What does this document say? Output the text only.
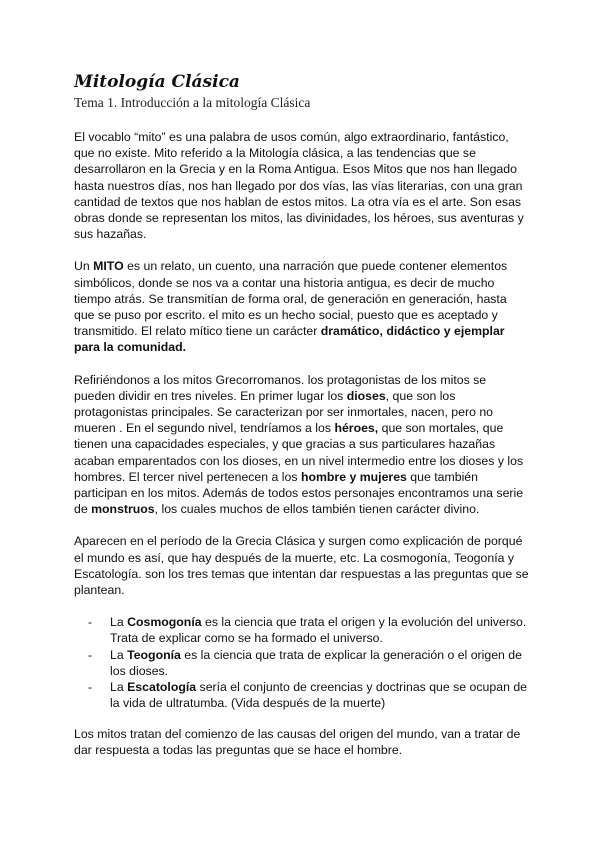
Mitología Clásica
Tema 1. Introducción a la mitología Clásica

El vocablo “mito” es una palabra de usos común, algo extraordinario, fantástico, que no existe. Mito referido a la Mitología clásica, a las tendencias que se desarrollaron en la Grecia y en la Roma Antigua. Esos Mitos que nos han llegado hasta nuestros días, nos han llegado por dos vías, las vías literarias, con una gran cantidad de textos que nos hablan de estos mitos. La otra vía es el arte. Son esas obras donde se representan los mitos, las divinidades, los héroes, sus aventuras y sus hazañas.

Un MITO es un relato, un cuento, una narración que puede contener elementos simbólicos, donde se nos va a contar una historia antigua, es decir de mucho tiempo atrás. Se transmitían de forma oral, de generación en generación, hasta que se puso por escrito. el mito es un hecho social, puesto que es aceptado y transmitido. El relato mítico tiene un carácter dramático, didáctico y ejemplar para la comunidad.

Refiriéndonos a los mitos Grecorromanos. los protagonistas de los mitos se pueden dividir en tres niveles. En primer lugar los dioses, que son los protagonistas principales. Se caracterizan por ser inmortales, nacen, pero no mueren . En el segundo nivel, tendríamos a los héroes, que son mortales, que tienen una capacidades especiales, y que gracias a sus particulares hazañas acaban emparentados con los dioses, en un nivel intermedio entre los dioses y los hombres. El tercer nivel pertenecen a los hombre y mujeres que también participan en los mitos. Además de todos estos personajes encontramos una serie de monstruos, los cuales muchos de ellos también tienen carácter divino.

Aparecen en el período de la Grecia Clásica y surgen como explicación de porqué el mundo es así, que hay después de la muerte, etc. La cosmogonía, Teogonía y Escatología. son los tres temas que intentan dar respuestas a las preguntas que se plantean.

- La Cosmogonía es la ciencia que trata el origen y la evolución del universo. Trata de explicar como se ha formado el universo.
- La Teogonía es la ciencia que trata de explicar la generación o el origen de los dioses.
- La Escatología sería el conjunto de creencias y doctrinas que se ocupan de la vida de ultratumba. (Vida después de la muerte)

Los mitos tratan del comienzo de las causas del origen del mundo, van a tratar de dar respuesta a todas las preguntas que se hace el hombre.
